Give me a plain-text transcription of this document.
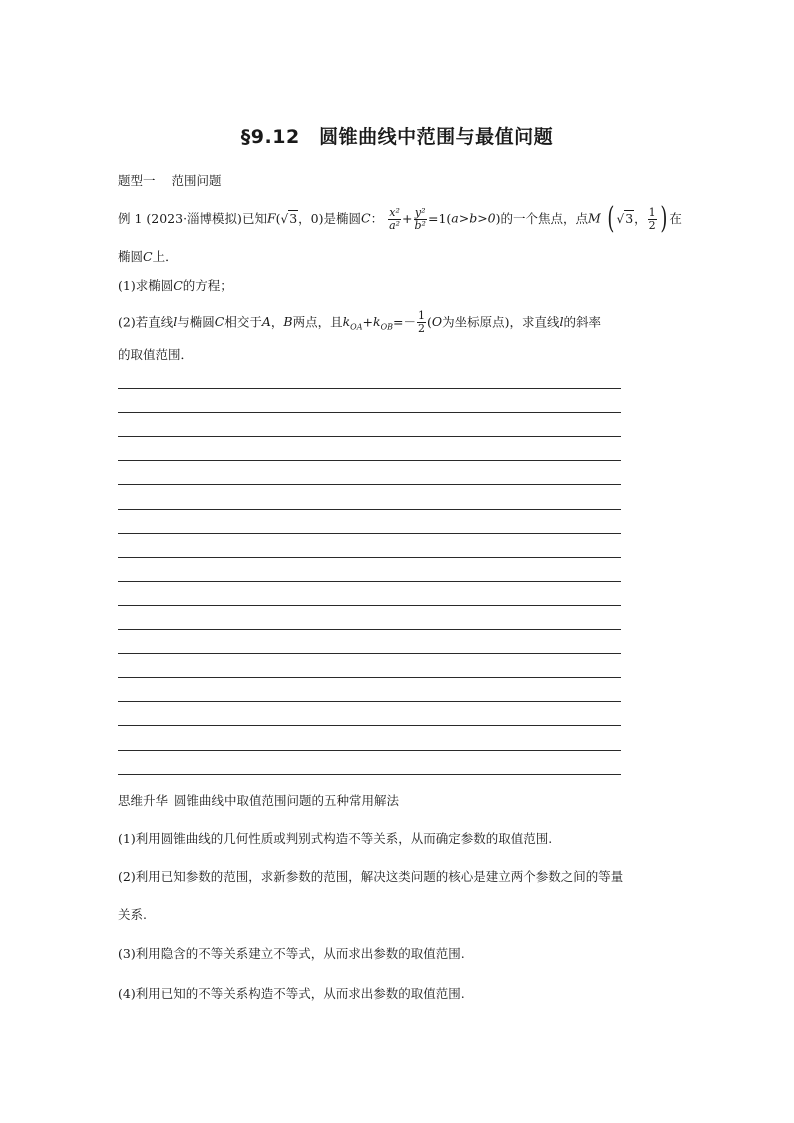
§9.12　圆锥曲线中范围与最值问题
题型一 范围问题
例 1 (2023·淄博模拟)已知F(√3，0)是椭圆C： $\frac{\text{x²}}{\text{a²}} + \frac{\text{y²}}{\text{b²}} =1(a>b>0)$的一个焦点，点M ( √3， $\frac{1}{2}$ ) 在
椭圆C上．
(1)求椭圆C的方程；
(2)若直线l与椭圆C相交于A，B两点，且$k_{OA}+k_{OB}=- \frac{1}{2} (O$为坐标原点)，求直线l的斜率
的取值范围．
思维升华 圆锥曲线中取值范围问题的五种常用解法
(1)利用圆锥曲线的几何性质或判别式构造不等关系，从而确定参数的取值范围.
(2)利用已知参数的范围，求新参数的范围，解决这类问题的核心是建立两个参数之间的等量
关系.
(3)利用隐含的不等关系建立不等式，从而求出参数的取值范围.
(4)利用已知的不等关系构造不等式，从而求出参数的取值范围.
